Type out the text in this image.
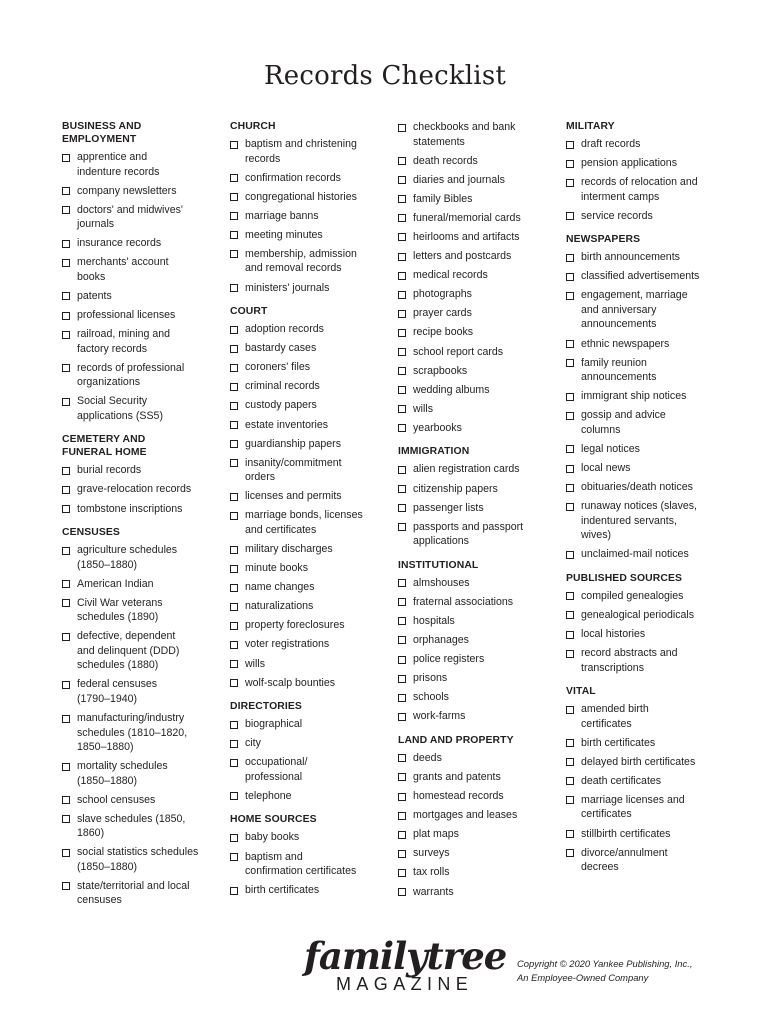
Records Checklist
BUSINESS AND
EMPLOYMENT
apprentice and
indenture records
company newsletters
doctors' and midwives'
journals
insurance records
merchants' account
books
patents
professional licenses
railroad, mining and
factory records
records of professional
organizations
Social Security
applications (SS5)
CEMETERY AND
FUNERAL HOME
burial records
grave-relocation records
tombstone inscriptions
CENSUSES
agriculture schedules
(1850–1880)
American Indian
Civil War veterans
schedules (1890)
defective, dependent
and delinquent (DDD)
schedules (1880)
federal censuses
(1790–1940)
manufacturing/industry
schedules (1810–1820,
1850–1880)
mortality schedules
(1850–1880)
school censuses
slave schedules (1850,
1860)
social statistics schedules
(1850–1880)
state/territorial and local
censuses
CHURCH
baptism and christening
records
confirmation records
congregational histories
marriage banns
meeting minutes
membership, admission
and removal records
ministers' journals
COURT
adoption records
bastardy cases
coroners' files
criminal records
custody papers
estate inventories
guardianship papers
insanity/commitment
orders
licenses and permits
marriage bonds, licenses
and certificates
military discharges
minute books
name changes
naturalizations
property foreclosures
voter registrations
wills
wolf-scalp bounties
DIRECTORIES
biographical
city
occupational/
professional
telephone
HOME SOURCES
baby books
baptism and
confirmation certificates
birth certificates
checkbooks and bank
statements
death records
diaries and journals
family Bibles
funeral/memorial cards
heirlooms and artifacts
letters and postcards
medical records
photographs
prayer cards
recipe books
school report cards
scrapbooks
wedding albums
wills
yearbooks
IMMIGRATION
alien registration cards
citizenship papers
passenger lists
passports and passport
applications
INSTITUTIONAL
almshouses
fraternal associations
hospitals
orphanages
police registers
prisons
schools
work-farms
LAND AND PROPERTY
deeds
grants and patents
homestead records
mortgages and leases
plat maps
surveys
tax rolls
warrants
MILITARY
draft records
pension applications
records of relocation and
interment camps
service records
NEWSPAPERS
birth announcements
classified advertisements
engagement, marriage
and anniversary
announcements
ethnic newspapers
family reunion
announcements
immigrant ship notices
gossip and advice
columns
legal notices
local news
obituaries/death notices
runaway notices (slaves,
indentured servants,
wives)
unclaimed-mail notices
PUBLISHED SOURCES
compiled genealogies
genealogical periodicals
local histories
record abstracts and
transcriptions
VITAL
amended birth
certificates
birth certificates
delayed birth certificates
death certificates
marriage licenses and
certificates
stillbirth certificates
divorce/annulment
decrees
familytree
MAGAZINE
Copyright © 2020 Yankee Publishing, Inc.,
An Employee-Owned Company
